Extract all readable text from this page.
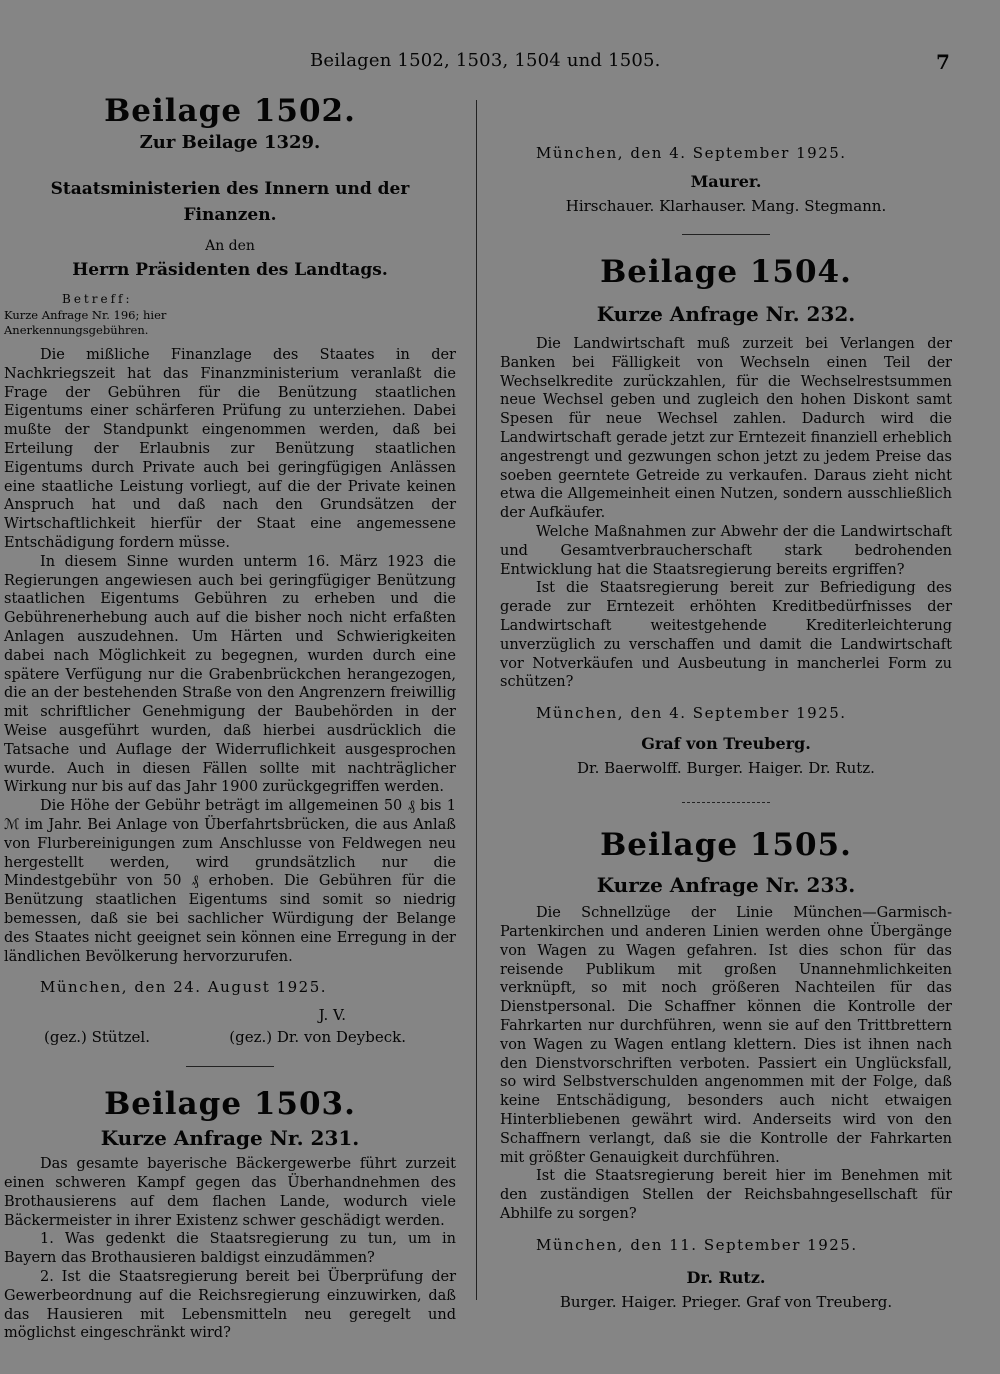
Beilagen 1502, 1503, 1504 und 1505.	7
Beilage 1502.
Zur Beilage 1329.
Staatsministerien des Innern und der Finanzen.
An den
Herrn Präsidenten des Landtags.
Betreff:
Kurze Anfrage Nr. 196; hier Anerkennungsgebühren.

Die mißliche Finanzlage des Staates in der Nachkriegszeit hat das Finanzministerium veranlaßt die Frage der Gebühren für die Benützung staatlichen Eigentums einer schärferen Prüfung zu unterziehen. Dabei mußte der Standpunkt eingenommen werden, daß bei Erteilung der Erlaubnis zur Benützung staatlichen Eigentums durch Private auch bei geringfügigen Anlässen eine staatliche Leistung vorliegt, auf die der Private keinen Anspruch hat und daß nach den Grundsätzen der Wirtschaftlichkeit hierfür der Staat eine angemessene Entschädigung fordern müsse.

In diesem Sinne wurden unterm 16. März 1923 die Regierungen angewiesen auch bei geringfügiger Benützung staatlichen Eigentums Gebühren zu erheben und die Gebührenerhebung auch auf die bisher noch nicht erfaßten Anlagen auszudehnen. Um Härten und Schwierigkeiten dabei nach Möglichkeit zu begegnen, wurden durch eine spätere Verfügung nur die Grabenbrückchen herangezogen, die an der bestehenden Straße von den Angrenzern freiwillig mit schriftlicher Genehmigung der Baubehörden in der Weise ausgeführt wurden, daß hierbei ausdrücklich die Tatsache und Auflage der Widerruflichkeit ausgesprochen wurde. Auch in diesen Fällen sollte mit nachträglicher Wirkung nur bis auf das Jahr 1900 zurückgegriffen werden.

Die Höhe der Gebühr beträgt im allgemeinen 50 ₰ bis 1 ℳ im Jahr. Bei Anlage von Überfahrtsbrücken, die aus Anlaß von Flurbereinigungen zum Anschlusse von Feldwegen neu hergestellt werden, wird grundsätzlich nur die Mindestgebühr von 50 ₰ erhoben. Die Gebühren für die Benützung staatlichen Eigentums sind somit so niedrig bemessen, daß sie bei sachlicher Würdigung der Belange des Staates nicht geeignet sein können eine Erregung in der ländlichen Bevölkerung hervorzurufen.

München, den 24. August 1925.
J. V.
(gez.) Stützel.	(gez.) Dr. von Deybeck.
Beilage 1503.
Kurze Anfrage Nr. 231.

Das gesamte bayerische Bäckergewerbe führt zurzeit einen schweren Kampf gegen das Überhandnehmen des Brothausierens auf dem flachen Lande, wodurch viele Bäckermeister in ihrer Existenz schwer geschädigt werden.

1. Was gedenkt die Staatsregierung zu tun, um in Bayern das Brothausieren baldigst einzudämmen?

2. Ist die Staatsregierung bereit bei Überprüfung der Gewerbeordnung auf die Reichsregierung einzuwirken, daß das Hausieren mit Lebensmitteln neu geregelt und möglichst eingeschränkt wird?

München, den 4. September 1925.
Maurer.
Hirschauer. Klarhauser. Mang. Stegmann.
Beilage 1504.
Kurze Anfrage Nr. 232.

Die Landwirtschaft muß zurzeit bei Verlangen der Banken bei Fälligkeit von Wechseln einen Teil der Wechselkredite zurückzahlen, für die Wechselrestsummen neue Wechsel geben und zugleich den hohen Diskont samt Spesen für neue Wechsel zahlen. Dadurch wird die Landwirtschaft gerade jetzt zur Erntezeit finanziell erheblich angestrengt und gezwungen schon jetzt zu jedem Preise das soeben geerntete Getreide zu verkaufen. Daraus zieht nicht etwa die Allgemeinheit einen Nutzen, sondern ausschließlich der Aufkäufer.

Welche Maßnahmen zur Abwehr der die Landwirtschaft und Gesamtverbraucherschaft stark bedrohenden Entwicklung hat die Staatsregierung bereits ergriffen?

Ist die Staatsregierung bereit zur Befriedigung des gerade zur Erntezeit erhöhten Kreditbedürfnisses der Landwirtschaft weitestgehende Krediterleichterung unverzüglich zu verschaffen und damit die Landwirtschaft vor Notverkäufen und Ausbeutung in mancherlei Form zu schützen?

München, den 4. September 1925.
Graf von Treuberg.
Dr. Baerwolff. Burger. Haiger. Dr. Rutz.
Beilage 1505.
Kurze Anfrage Nr. 233.

Die Schnellzüge der Linie München—Garmisch-Partenkirchen und anderen Linien werden ohne Übergänge von Wagen zu Wagen gefahren. Ist dies schon für das reisende Publikum mit großen Unannehmlichkeiten verknüpft, so mit noch größeren Nachteilen für das Dienstpersonal. Die Schaffner können die Kontrolle der Fahrkarten nur durchführen, wenn sie auf den Trittbrettern von Wagen zu Wagen entlang klettern. Dies ist ihnen nach den Dienstvorschriften verboten. Passiert ein Unglücksfall, so wird Selbstverschulden angenommen mit der Folge, daß keine Entschädigung, besonders auch nicht etwaigen Hinterbliebenen gewährt wird. Anderseits wird von den Schaffnern verlangt, daß sie die Kontrolle der Fahrkarten mit größter Genauigkeit durchführen.

Ist die Staatsregierung bereit hier im Benehmen mit den zuständigen Stellen der Reichsbahngesellschaft für Abhilfe zu sorgen?

München, den 11. September 1925.
Dr. Rutz.
Burger. Haiger. Prieger. Graf von Treuberg.
